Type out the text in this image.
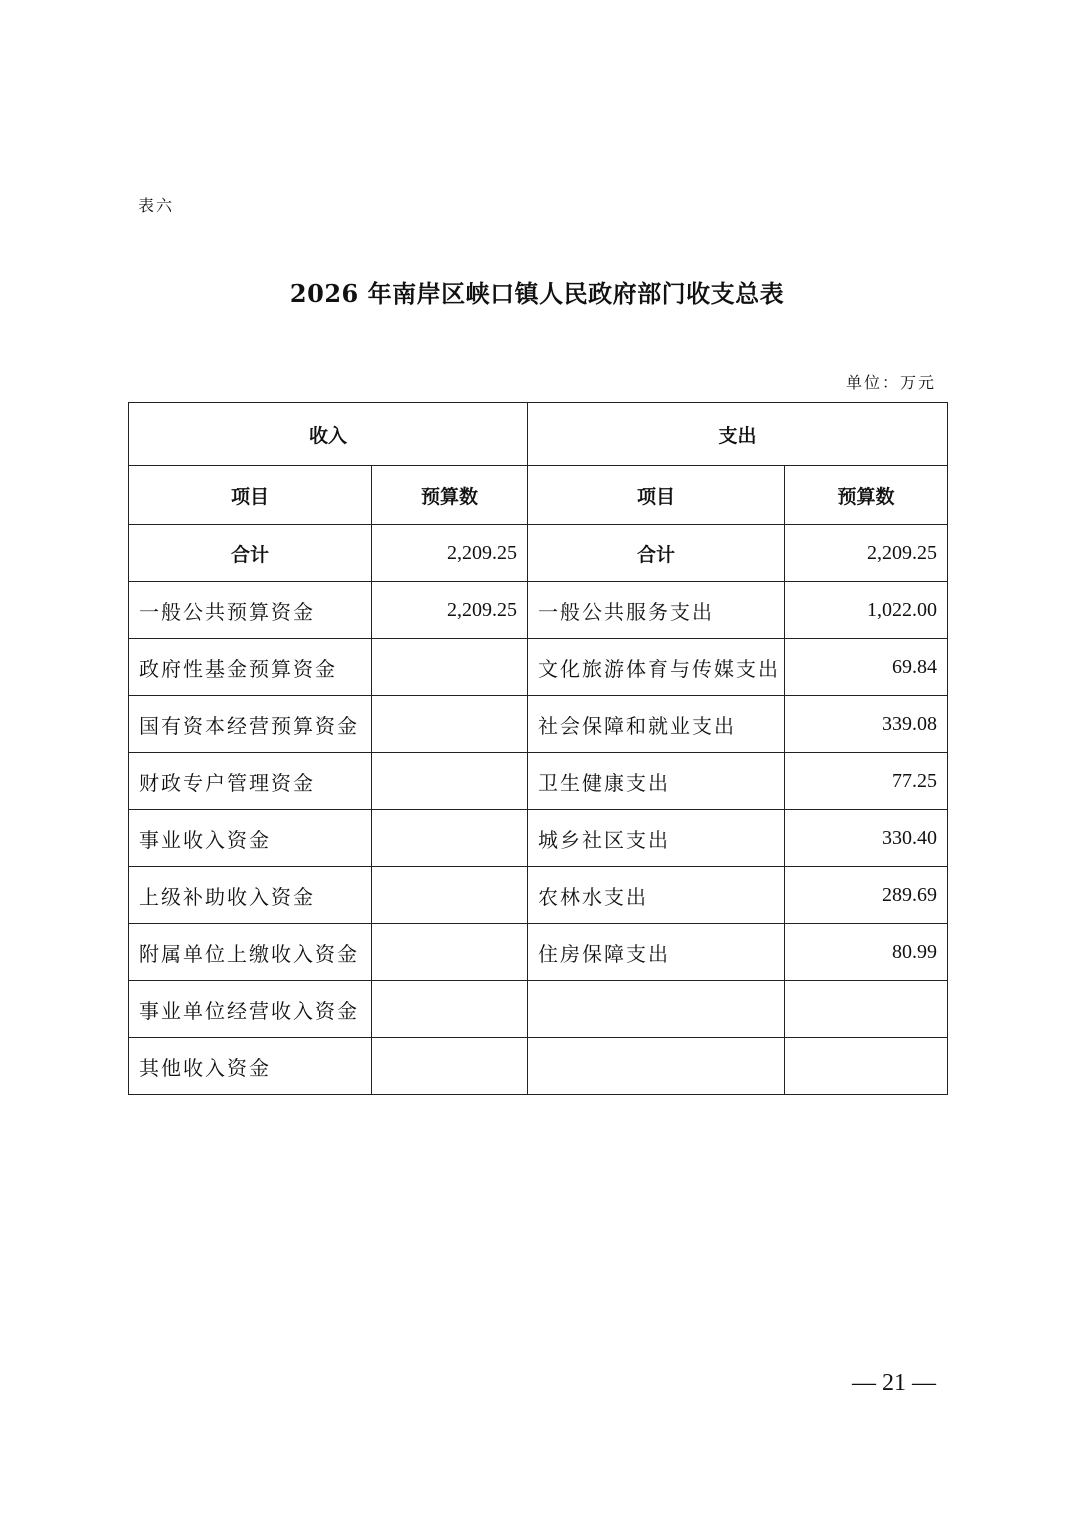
表六
2026 年南岸区峡口镇人民政府部门收支总表
单位：万元
收入		支出	
项目	预算数	项目	预算数
合计	2,209.25	合计	2,209.25
一般公共预算资金	2,209.25	一般公共服务支出	1,022.00
政府性基金预算资金		文化旅游体育与传媒支出	69.84
国有资本经营预算资金		社会保障和就业支出	339.08
财政专户管理资金		卫生健康支出	77.25
事业收入资金		城乡社区支出	330.40
上级补助收入资金		农林水支出	289.69
附属单位上缴收入资金		住房保障支出	80.99
事业单位经营收入资金			
其他收入资金			
— 21 —
